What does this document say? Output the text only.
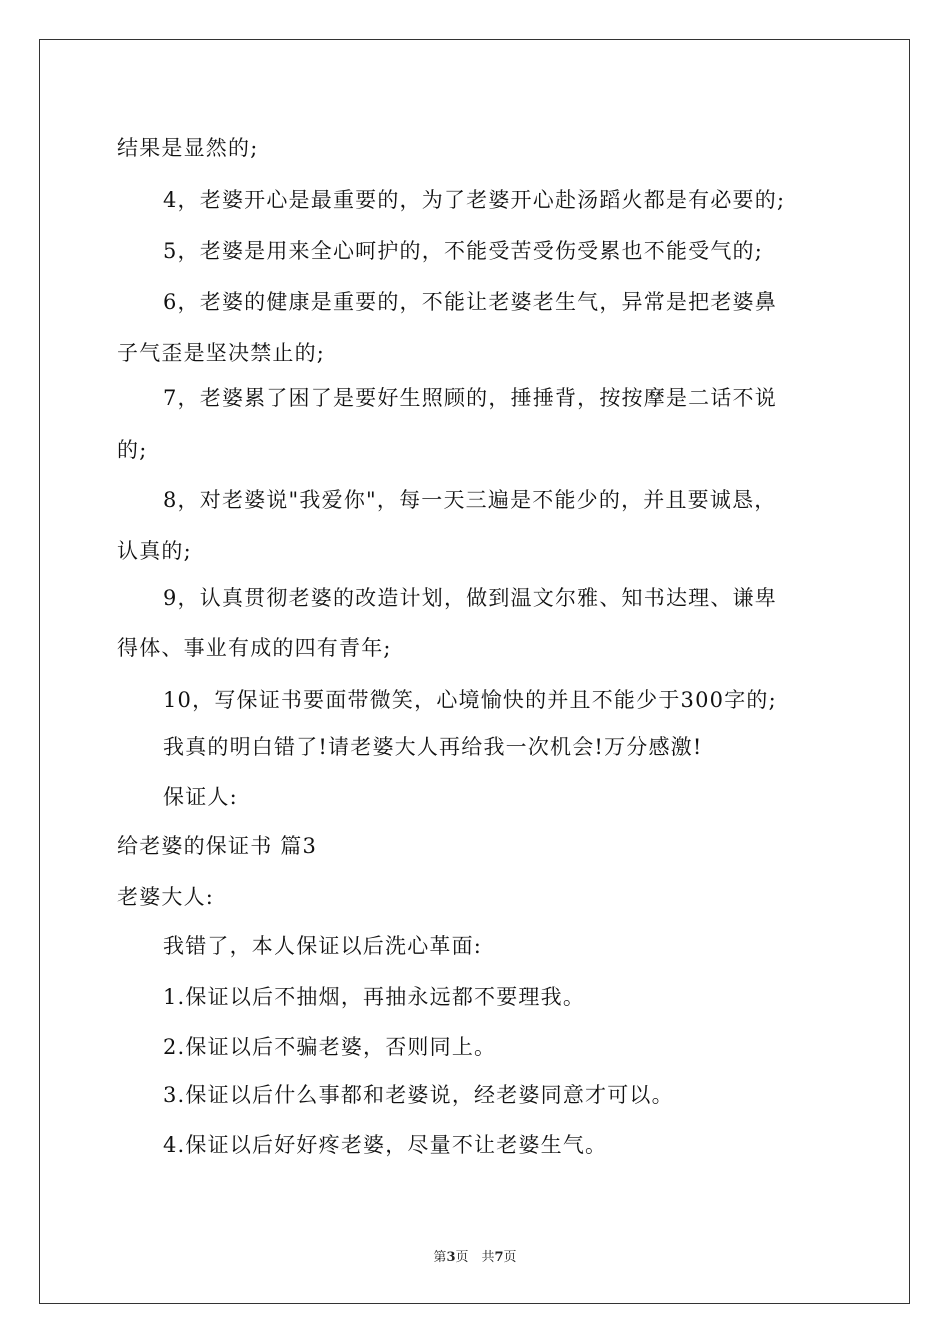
结果是显然的;
4，老婆开心是最重要的，为了老婆开心赴汤蹈火都是有必要的;
5，老婆是用来全心呵护的，不能受苦受伤受累也不能受气的;
6，老婆的健康是重要的，不能让老婆老生气，异常是把老婆鼻
子气歪是坚决禁止的;
7，老婆累了困了是要好生照顾的，捶捶背，按按摩是二话不说
的;
8，对老婆说"我爱你"，每一天三遍是不能少的，并且要诚恳，
认真的;
9，认真贯彻老婆的改造计划，做到温文尔雅、知书达理、谦卑
得体、事业有成的四有青年;
10，写保证书要面带微笑，心境愉快的并且不能少于300字的;
我真的明白错了!请老婆大人再给我一次机会!万分感激!
保证人:
给老婆的保证书 篇3
老婆大人:
我错了，本人保证以后洗心革面:
1.保证以后不抽烟，再抽永远都不要理我。
2.保证以后不骗老婆，否则同上。
3.保证以后什么事都和老婆说，经老婆同意才可以。
4.保证以后好好疼老婆，尽量不让老婆生气。
第3页　共7页
